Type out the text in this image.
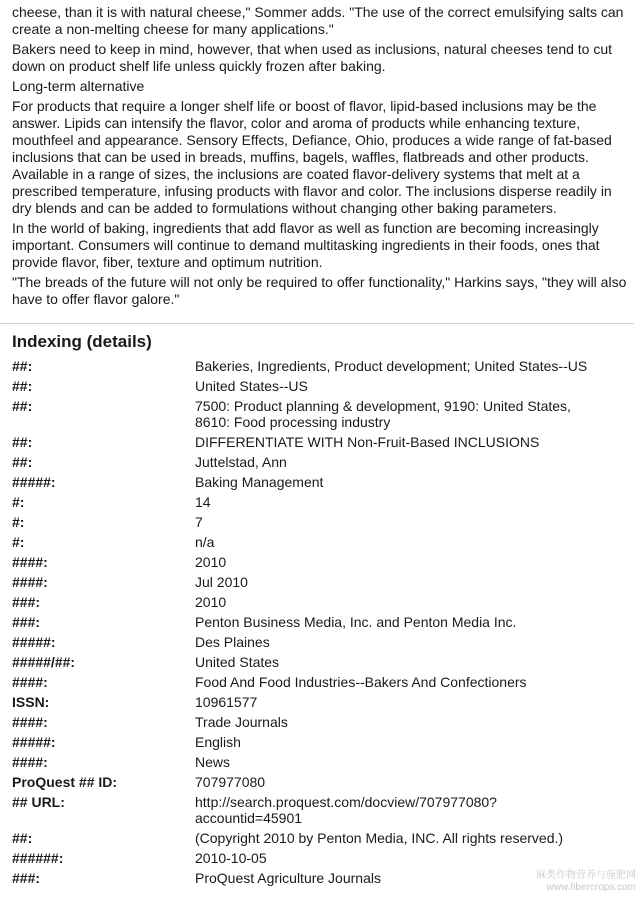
cheese, than it is with natural cheese," Sommer adds. "The use of the correct emulsifying salts can create a non-melting cheese for many applications."

Bakers need to keep in mind, however, that when used as inclusions, natural cheeses tend to cut down on product shelf life unless quickly frozen after baking.

Long-term alternative

For products that require a longer shelf life or boost of flavor, lipid-based inclusions may be the answer. Lipids can intensify the flavor, color and aroma of products while enhancing texture, mouthfeel and appearance. Sensory Effects, Defiance, Ohio, produces a wide range of fat-based inclusions that can be used in breads, muffins, bagels, waffles, flatbreads and other products. Available in a range of sizes, the inclusions are coated flavor-delivery systems that melt at a prescribed temperature, infusing products with flavor and color. The inclusions disperse readily in dry blends and can be added to formulations without changing other baking parameters.

In the world of baking, ingredients that add flavor as well as function are becoming increasingly important. Consumers will continue to demand multitasking ingredients in their foods, ones that provide flavor, fiber, texture and optimum nutrition.

"The breads of the future will not only be required to offer functionality," Harkins says, "they will also have to offer flavor galore."

Indexing (details)
##:	Bakeries, Ingredients, Product development; United States--US
##:	United States--US
##:	7500: Product planning & development, 9190: United States, 8610: Food processing industry
##:	DIFFERENTIATE WITH Non-Fruit-Based INCLUSIONS
##:	Juttelstad, Ann
#####:	Baking Management
#:	14
#:	7
#:	n/a
####:	2010
####:	Jul 2010
###:	2010
###:	Penton Business Media, Inc. and Penton Media Inc.
#####:	Des Plaines
#####/##:	United States
####:	Food And Food Industries--Bakers And Confectioners
ISSN:	10961577
####:	Trade Journals
#####:	English
####:	News
ProQuest ## ID:	707977080
## URL:	http://search.proquest.com/docview/707977080?accountid=45901
##:	(Copyright 2010 by Penton Media, INC. All rights reserved.)
######:	2010-10-05
###:	ProQuest Agriculture Journals	麻类作物营养与施肥网
www.fibercrops.com
